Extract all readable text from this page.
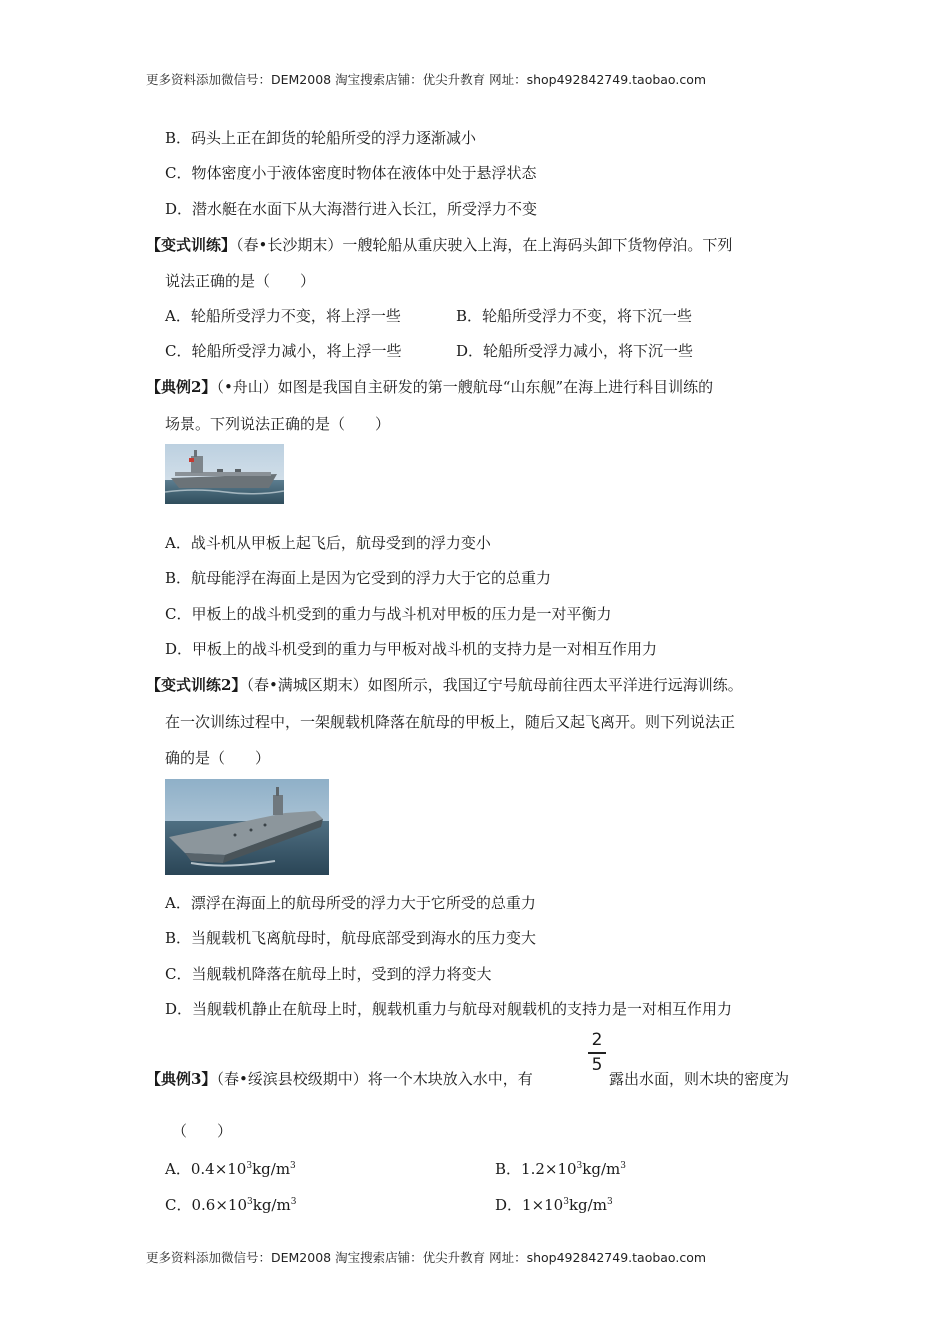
更多资料添加微信号：DEM2008 淘宝搜索店铺：优尖升教育 网址：shop492842749.taobao.com
B．码头上正在卸货的轮船所受的浮力逐渐减小
C．物体密度小于液体密度时物体在液体中处于悬浮状态
D．潜水艇在水面下从大海潜行进入长江，所受浮力不变
【变式训练】（春•长沙期末）一艘轮船从重庆驶入上海，在上海码头卸下货物停泊。下列
说法正确的是（　　）
A．轮船所受浮力不变，将上浮一些	B．轮船所受浮力不变，将下沉一些
C．轮船所受浮力减小，将上浮一些	D．轮船所受浮力减小，将下沉一些
【典例2】（•舟山）如图是我国自主研发的第一艘航母“山东舰”在海上进行科目训练的
场景。下列说法正确的是（　　）
A．战斗机从甲板上起飞后，航母受到的浮力变小
B．航母能浮在海面上是因为它受到的浮力大于它的总重力
C．甲板上的战斗机受到的重力与战斗机对甲板的压力是一对平衡力
D．甲板上的战斗机受到的重力与甲板对战斗机的支持力是一对相互作用力
【变式训练2】（春•满城区期末）如图所示，我国辽宁号航母前往西太平洋进行远海训练。
在一次训练过程中，一架舰载机降落在航母的甲板上，随后又起飞离开。则下列说法正
确的是（　　）
A．漂浮在海面上的航母所受的浮力大于它所受的总重力
B．当舰载机飞离航母时，航母底部受到海水的压力变大
C．当舰载机降落在航母上时，受到的浮力将变大
D．当舰载机静止在航母上时，舰载机重力与航母对舰载机的支持力是一对相互作用力
【典例3】（春•绥滨县校级期中）将一个木块放入水中，有
2
5
露出水面，则木块的密度为
（　　）
A．$0.4\times 10^3kg/m^3$	B．$1.2\times 10^3kg/m^3$
C．$0.6\times 10^3kg/m^3$	D．$1\times 10^3kg/m^3$
更多资料添加微信号：DEM2008 淘宝搜索店铺：优尖升教育 网址：shop492842749.taobao.com
